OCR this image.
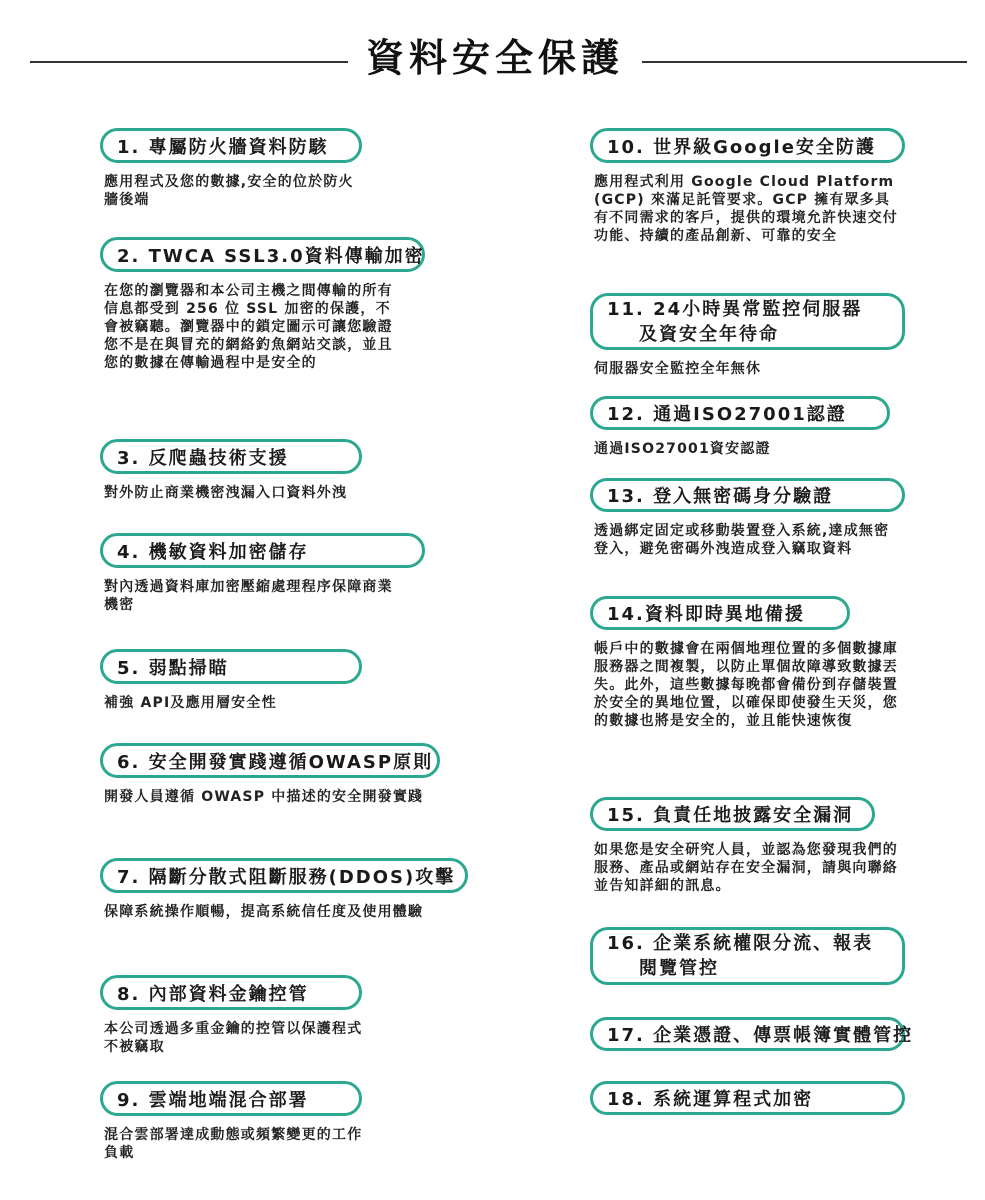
資料安全保護
1. 專屬防火牆資料防駭
應用程式及您的數據,安全的位於防火牆後端
2. TWCA SSL3.0資料傳輸加密
在您的瀏覽器和本公司主機之間傳輸的所有信息都受到 256 位 SSL 加密的保護，不會被竊聽。瀏覽器中的鎖定圖示可讓您驗證您不是在與冒充的網絡釣魚網站交談，並且您的數據在傳輸過程中是安全的
3. 反爬蟲技術支援
對外防止商業機密洩漏入口資料外洩
4. 機敏資料加密儲存
對內透過資料庫加密壓縮處理程序保障商業機密
5. 弱點掃瞄
補強 API及應用層安全性
6. 安全開發實踐遵循OWASP原則
開發人員遵循 OWASP 中描述的安全開發實踐
7. 隔斷分散式阻斷服務(DDOS)攻擊
保障系統操作順暢，提高系統信任度及使用體驗
8. 內部資料金鑰控管
本公司透過多重金鑰的控管以保護程式不被竊取
9. 雲端地端混合部署
混合雲部署達成動態或頻繁變更的工作負載
10. 世界級Google安全防護
應用程式利用 Google Cloud Platform (GCP) 來滿足託管要求。GCP 擁有眾多具有不同需求的客戶，提供的環境允許快速交付功能、持續的產品創新、可靠的安全
11. 24小時異常監控伺服器
及資安全年待命
伺服器安全監控全年無休
12. 通過ISO27001認證
通過ISO27001資安認證
13. 登入無密碼身分驗證
透過綁定固定或移動裝置登入系統,達成無密登入，避免密碼外洩造成登入竊取資料
14.資料即時異地備援
帳戶中的數據會在兩個地理位置的多個數據庫服務器之間複製，以防止單個故障導致數據丟失。此外，這些數據每晚都會備份到存儲裝置於安全的異地位置，以確保即使發生天災，您的數據也將是安全的，並且能快速恢復
15. 負責任地披露安全漏洞
如果您是安全研究人員，並認為您發現我們的服務、產品或網站存在安全漏洞，請與向聯絡並告知詳細的訊息。
16. 企業系統權限分流、報表
閱覽管控
17. 企業憑證、傳票帳簿實體管控
18. 系統運算程式加密
